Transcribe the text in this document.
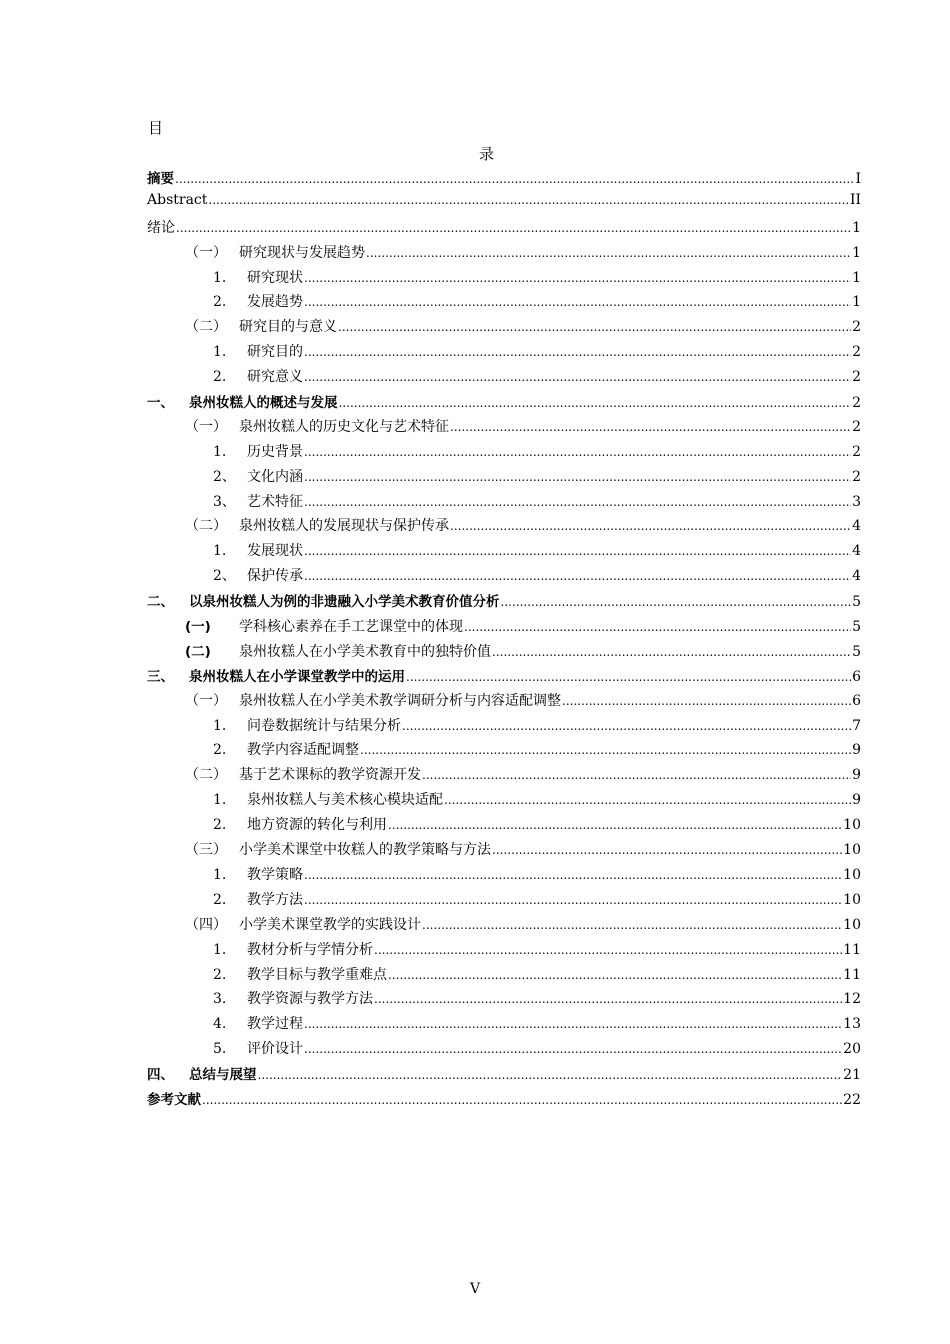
目
录
摘要 .....	I
Abstract .....	II
绪论 .....	1
（一） 研究现状与发展趋势 .....	1
1.	研究现状 .....	1
2.	发展趋势 .....	1
（二） 研究目的与意义 .....	2
1.	研究目的 .....	2
2.	研究意义 .....	2
一、	泉州妆糕人的概述与发展 .....	2
（一） 泉州妆糕人的历史文化与艺术特征 .....	2
1.	历史背景 .....	2
2、 文化内涵 .....	2
3、 艺术特征 .....	3
（二） 泉州妆糕人的发展现状与保护传承 .....	4
1.	发展现状 .....	4
2、 保护传承 .....	4
二、	以泉州妆糕人为例的非遗融入小学美术教育价值分析 .....	5
(一)	学科核心素养在手工艺课堂中的体现 .....	5
(二)	泉州妆糕人在小学美术教育中的独特价值 .....	5
三、	泉州妆糕人在小学课堂教学中的运用 .....	6
（一） 泉州妆糕人在小学美术教学调研分析与内容适配调整 .....	6
1.	问卷数据统计与结果分析 .....	7
2.	教学内容适配调整 .....	9
（二） 基于艺术课标的教学资源开发 .....	9
1.	泉州妆糕人与美术核心模块适配 .....	9
2.	地方资源的转化与利用 .....	10
（三） 小学美术课堂中妆糕人的教学策略与方法 .....	10
1.	教学策略 .....	10
2.	教学方法 .....	10
（四） 小学美术课堂教学的实践设计 .....	10
1.	教材分析与学情分析 .....	11
2.	教学目标与教学重难点 .....	11
3.	教学资源与教学方法 .....	12
4.	教学过程 .....	13
5.	评价设计 .....	20
四、	总结与展望 .....	21
参考文献 .....	22
V
